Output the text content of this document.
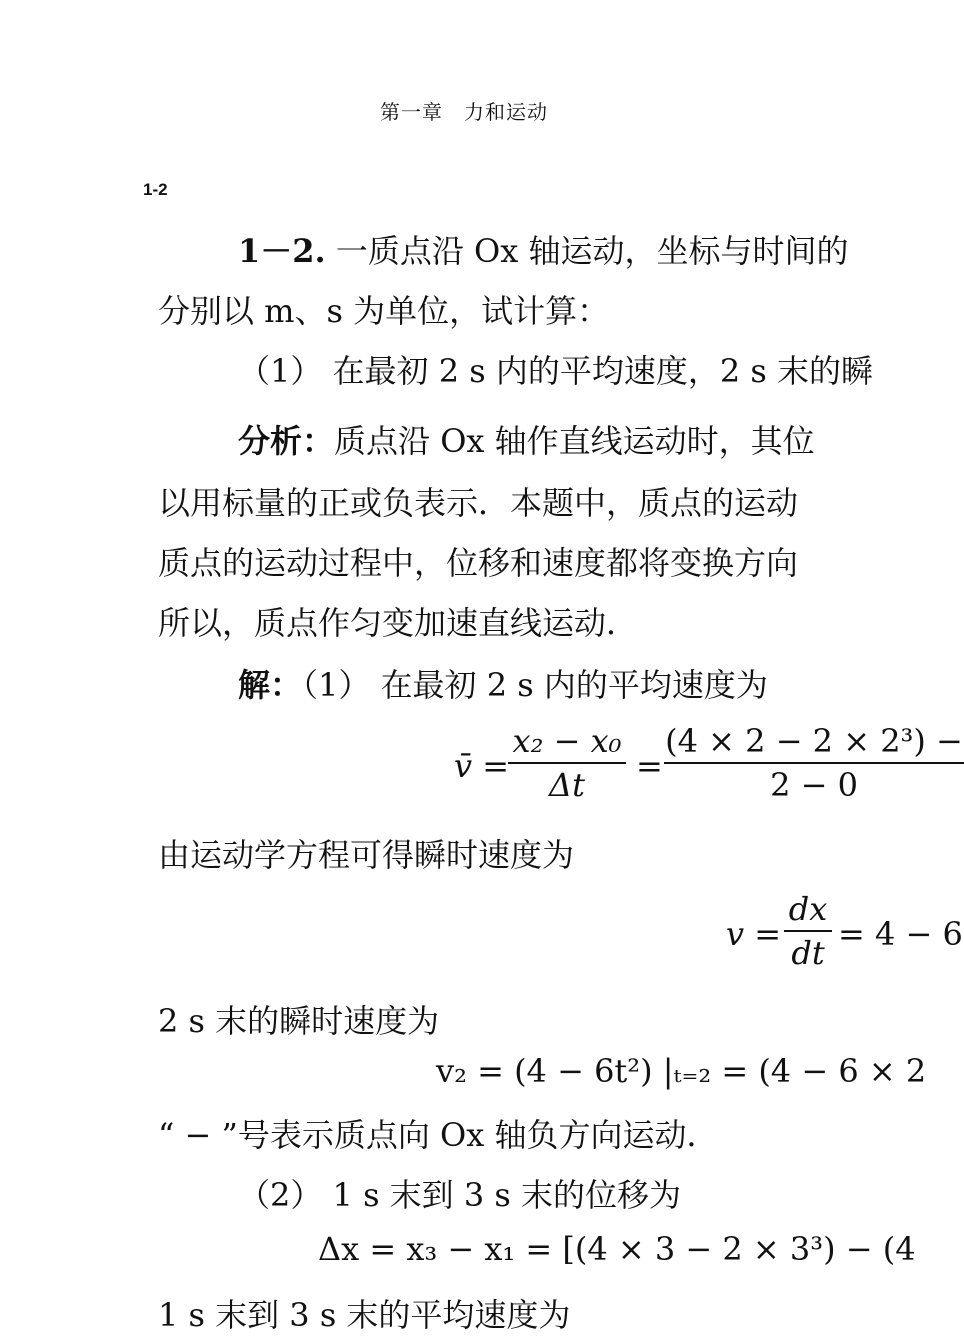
第一章　力和运动
1-2
1－2. 一质点沿 Ox 轴运动，坐标与时间的
分别以 m、s 为单位，试计算：
（1） 在最初 2 s 内的平均速度，2 s 末的瞬
分析：质点沿 Ox 轴作直线运动时，其位
以用标量的正或负表示．本题中，质点的运动
质点的运动过程中，位移和速度都将变换方向
所以，质点作匀变加速直线运动．
解：（1） 在最初 2 s 内的平均速度为
v̄ =
x₂ − x₀
Δt	=
(4 × 2 − 2 × 2³) −
2 − 0
由运动学方程可得瞬时速度为
v =
dx
dt = 4 − 6
2 s 末的瞬时速度为
v₂ = (4 − 6t²) |ₜ₌₂ = (4 − 6 × 2
“ − ”号表示质点向 Ox 轴负方向运动．
（2） 1 s 末到 3 s 末的位移为
Δx = x₃ − x₁ = [(4 × 3 − 2 × 3³) − (4
1 s 末到 3 s 末的平均速度为
